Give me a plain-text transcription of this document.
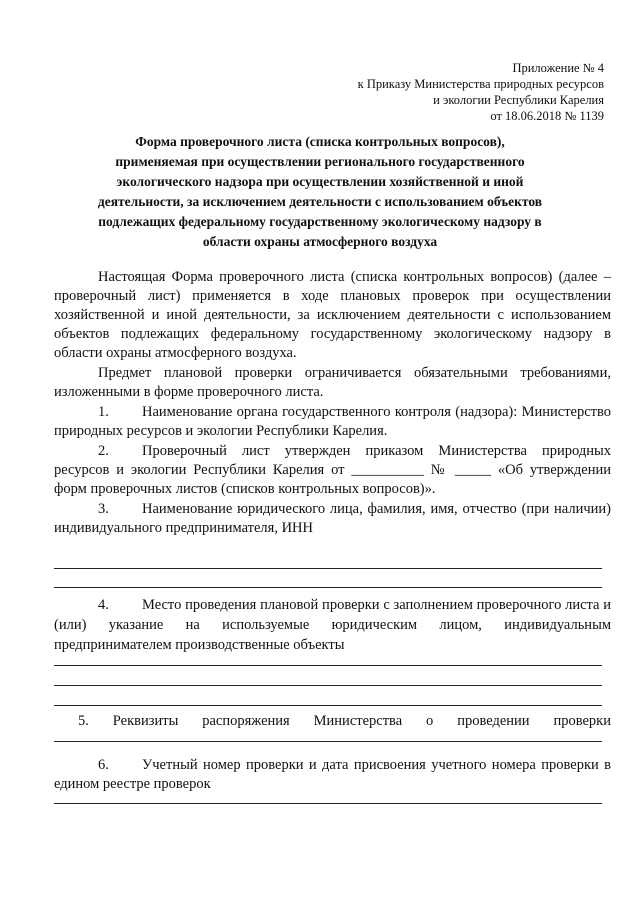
Приложение № 4
к Приказу Министерства природных ресурсов
и экологии Республики Карелия
от 18.06.2018 № 1139
Форма проверочного листа (списка контрольных вопросов),
применяемая при осуществлении регионального государственного
экологического надзора при осуществлении хозяйственной и иной
деятельности, за исключением деятельности с использованием объектов
подлежащих федеральному государственному экологическому надзору в
области охраны атмосферного воздуха

Настоящая Форма проверочного листа (списка контрольных вопросов) (далее – проверочный лист) применяется в ходе плановых проверок при осуществлении хозяйственной и иной деятельности, за исключением деятельности с использованием объектов подлежащих федеральному государственному экологическому надзору в области охраны атмосферного воздуха.

Предмет плановой проверки ограничивается обязательными требованиями, изложенными в форме проверочного листа.

1. Наименование органа государственного контроля (надзора): Министерство природных ресурсов и экологии Республики Карелия.

2. Проверочный лист утвержден приказом Министерства природных ресурсов и экологии Республики Карелия от __________ № _____ «Об утверждении форм проверочных листов (списков контрольных вопросов)».

3. Наименование юридического лица, фамилия, имя, отчество (при наличии) индивидуального предпринимателя, ИНН

4. Место проведения плановой проверки с заполнением проверочного листа и (или) указание на используемые юридическим лицом, индивидуальным предпринимателем производственные объекты

5. Реквизиты распоряжения Министерства о проведении проверки

6. Учетный номер проверки и дата присвоения учетного номера проверки в едином реестре проверок
